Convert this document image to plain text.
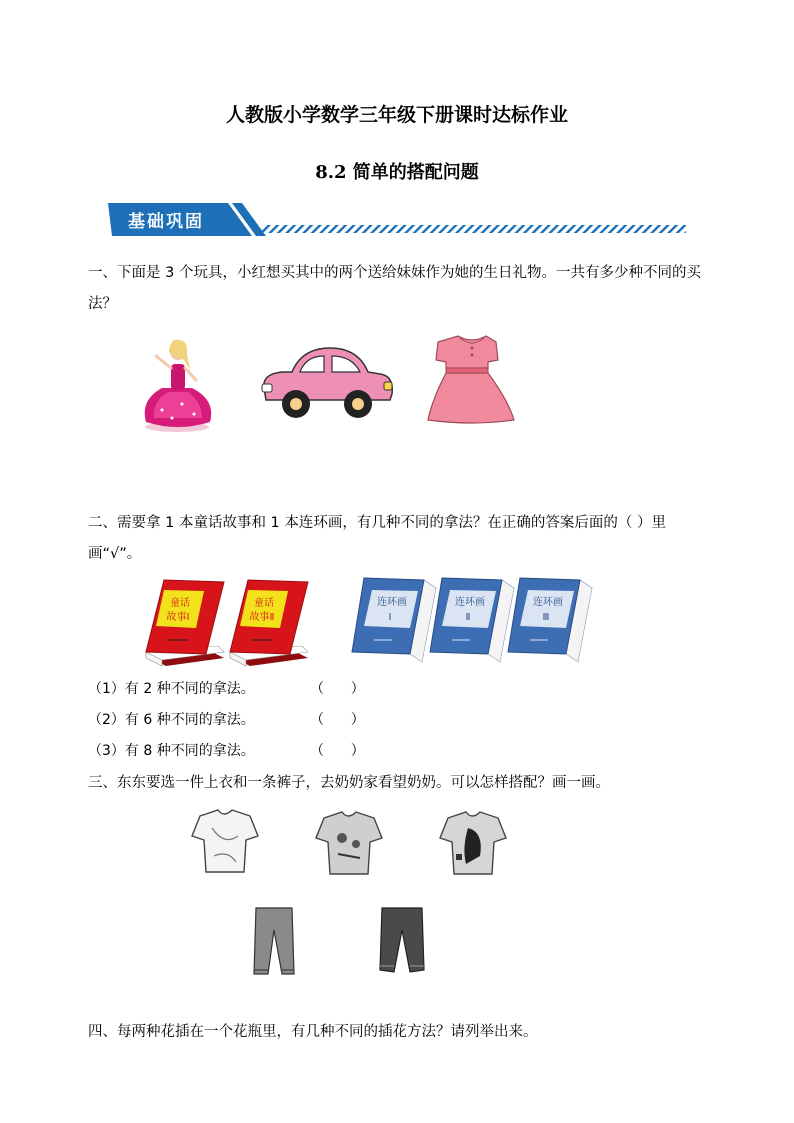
人教版小学数学三年级下册课时达标作业
8.2 简单的搭配问题
基础巩固
一、下面是 3 个玩具，小红想买其中的两个送给妹妹作为她的生日礼物。一共有多少种不同的买法？
二、需要拿 1 本童话故事和 1 本连环画，有几种不同的拿法？在正确的答案后面的（ ）里画“√”。
童话
故事Ⅰ
童话
故事Ⅱ
连环画
Ⅰ
连环画
Ⅱ
连环画
Ⅲ
（1）有 2 种不同的拿法。	（      ）
（2）有 6 种不同的拿法。	（      ）
（3）有 8 种不同的拿法。	（      ）
三、东东要选一件上衣和一条裤子，去奶奶家看望奶奶。可以怎样搭配？画一画。
四、每两种花插在一个花瓶里，有几种不同的插花方法？请列举出来。
